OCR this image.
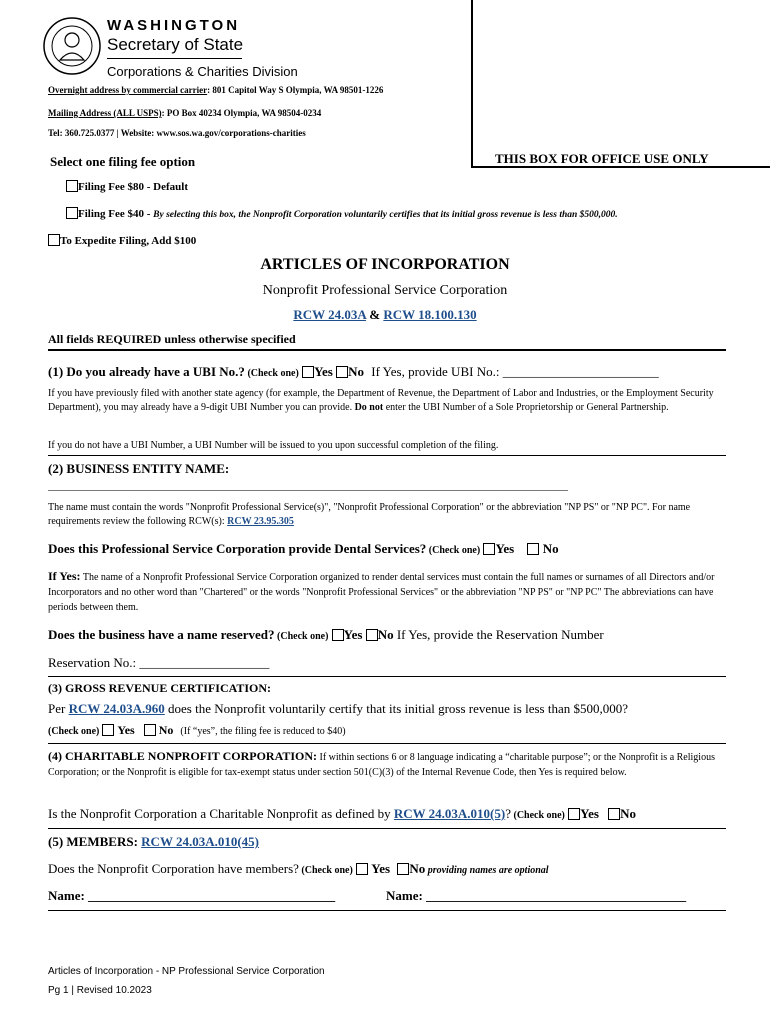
WASHINGTON
Secretary of State
Corporations & Charities Division
Overnight address by commercial carrier: 801 Capitol Way S Olympia, WA 98501-1226
Mailing Address (ALL USPS): PO Box 40234 Olympia, WA 98504-0234
Tel: 360.725.0377 | Website: www.sos.wa.gov/corporations-charities
THIS BOX FOR OFFICE USE ONLY
Select one filing fee option
Filing Fee $80 - Default
Filing Fee $40 - By selecting this box, the Nonprofit Corporation voluntarily certifies that its initial gross revenue is less than $500,000.
To Expedite Filing, Add $100
ARTICLES OF INCORPORATION
Nonprofit Professional Service Corporation
RCW 24.03A & RCW 18.100.130
All fields REQUIRED unless otherwise specified
(1) Do you already have a UBI No.? (Check one) Yes No If Yes, provide UBI No.: ________________________
If you have previously filed with another state agency (for example, the Department of Revenue, the Department of Labor and Industries, or the Employment Security Department), you may already have a 9-digit UBI Number you can provide. Do not enter the UBI Number of a Sole Proprietorship or General Partnership.
If you do not have a UBI Number, a UBI Number will be issued to you upon successful completion of the filing.
(2) BUSINESS ENTITY NAME:
________________________________________________________________________________________________________
The name must contain the words "Nonprofit Professional Service(s)", "Nonprofit Professional Corporation" or the abbreviation "NP PS" or "NP PC". For name requirements review the following RCW(s): RCW 23.95.305
Does this Professional Service Corporation provide Dental Services? (Check one) Yes No
If Yes: The name of a Nonprofit Professional Service Corporation organized to render dental services must contain the full names or surnames of all Directors and/or Incorporators and no other word than "Chartered" or the words "Nonprofit Professional Services" or the abbreviation "NP PS" or "NP PC" The abbreviations can have periods between them.
Does the business have a name reserved? (Check one) Yes No If Yes, provide the Reservation Number
Reservation No.: ____________________
(3) GROSS REVENUE CERTIFICATION:
Per RCW 24.03A.960 does the Nonprofit voluntarily certify that its initial gross revenue is less than $500,000?
(Check one) Yes No (If “yes”, the filing fee is reduced to $40)
(4) CHARITABLE NONPROFIT CORPORATION: If within sections 6 or 8 language indicating a “charitable purpose”; or the Nonprofit is a Religious Corporation; or the Nonprofit is eligible for tax-exempt status under section 501(C)(3) of the Internal Revenue Code, then Yes is required below.
Is the Nonprofit Corporation a Charitable Nonprofit as defined by RCW 24.03A.010(5)? (Check one) Yes No
(5) MEMBERS: RCW 24.03A.010(45)
Does the Nonprofit Corporation have members? (Check one) Yes No providing names are optional
Name: ______________________________________	Name: ________________________________________
Articles of Incorporation - NP Professional Service Corporation
Pg 1 | Revised 10.2023
